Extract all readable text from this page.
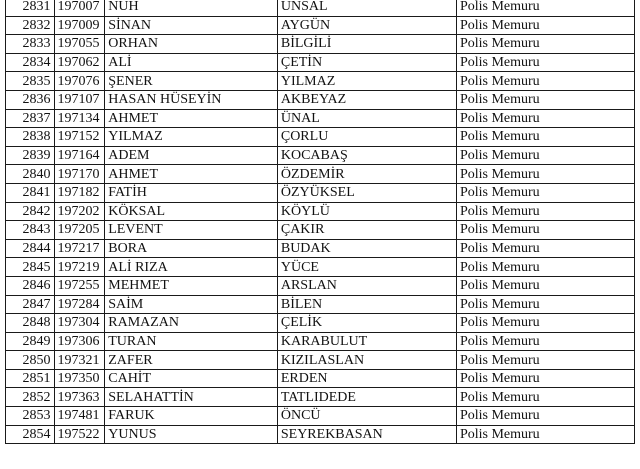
2831	197007	NUH	ÜNSAL	Polis Memuru
2832	197009	SİNAN	AYGÜN	Polis Memuru
2833	197055	ORHAN	BİLGİLİ	Polis Memuru
2834	197062	ALİ	ÇETİN	Polis Memuru
2835	197076	ŞENER	YILMAZ	Polis Memuru
2836	197107	HASAN HÜSEYİN	AKBEYAZ	Polis Memuru
2837	197134	AHMET	ÜNAL	Polis Memuru
2838	197152	YILMAZ	ÇORLU	Polis Memuru
2839	197164	ADEM	KOCABAŞ	Polis Memuru
2840	197170	AHMET	ÖZDEMİR	Polis Memuru
2841	197182	FATİH	ÖZYÜKSEL	Polis Memuru
2842	197202	KÖKSAL	KÖYLÜ	Polis Memuru
2843	197205	LEVENT	ÇAKIR	Polis Memuru
2844	197217	BORA	BUDAK	Polis Memuru
2845	197219	ALİ RIZA	YÜCE	Polis Memuru
2846	197255	MEHMET	ARSLAN	Polis Memuru
2847	197284	SAİM	BİLEN	Polis Memuru
2848	197304	RAMAZAN	ÇELİK	Polis Memuru
2849	197306	TURAN	KARABULUT	Polis Memuru
2850	197321	ZAFER	KIZILASLAN	Polis Memuru
2851	197350	CAHİT	ERDEN	Polis Memuru
2852	197363	SELAHATTİN	TATLIDEDE	Polis Memuru
2853	197481	FARUK	ÖNCÜ	Polis Memuru
2854	197522	YUNUS	SEYREKBASAN	Polis Memuru
